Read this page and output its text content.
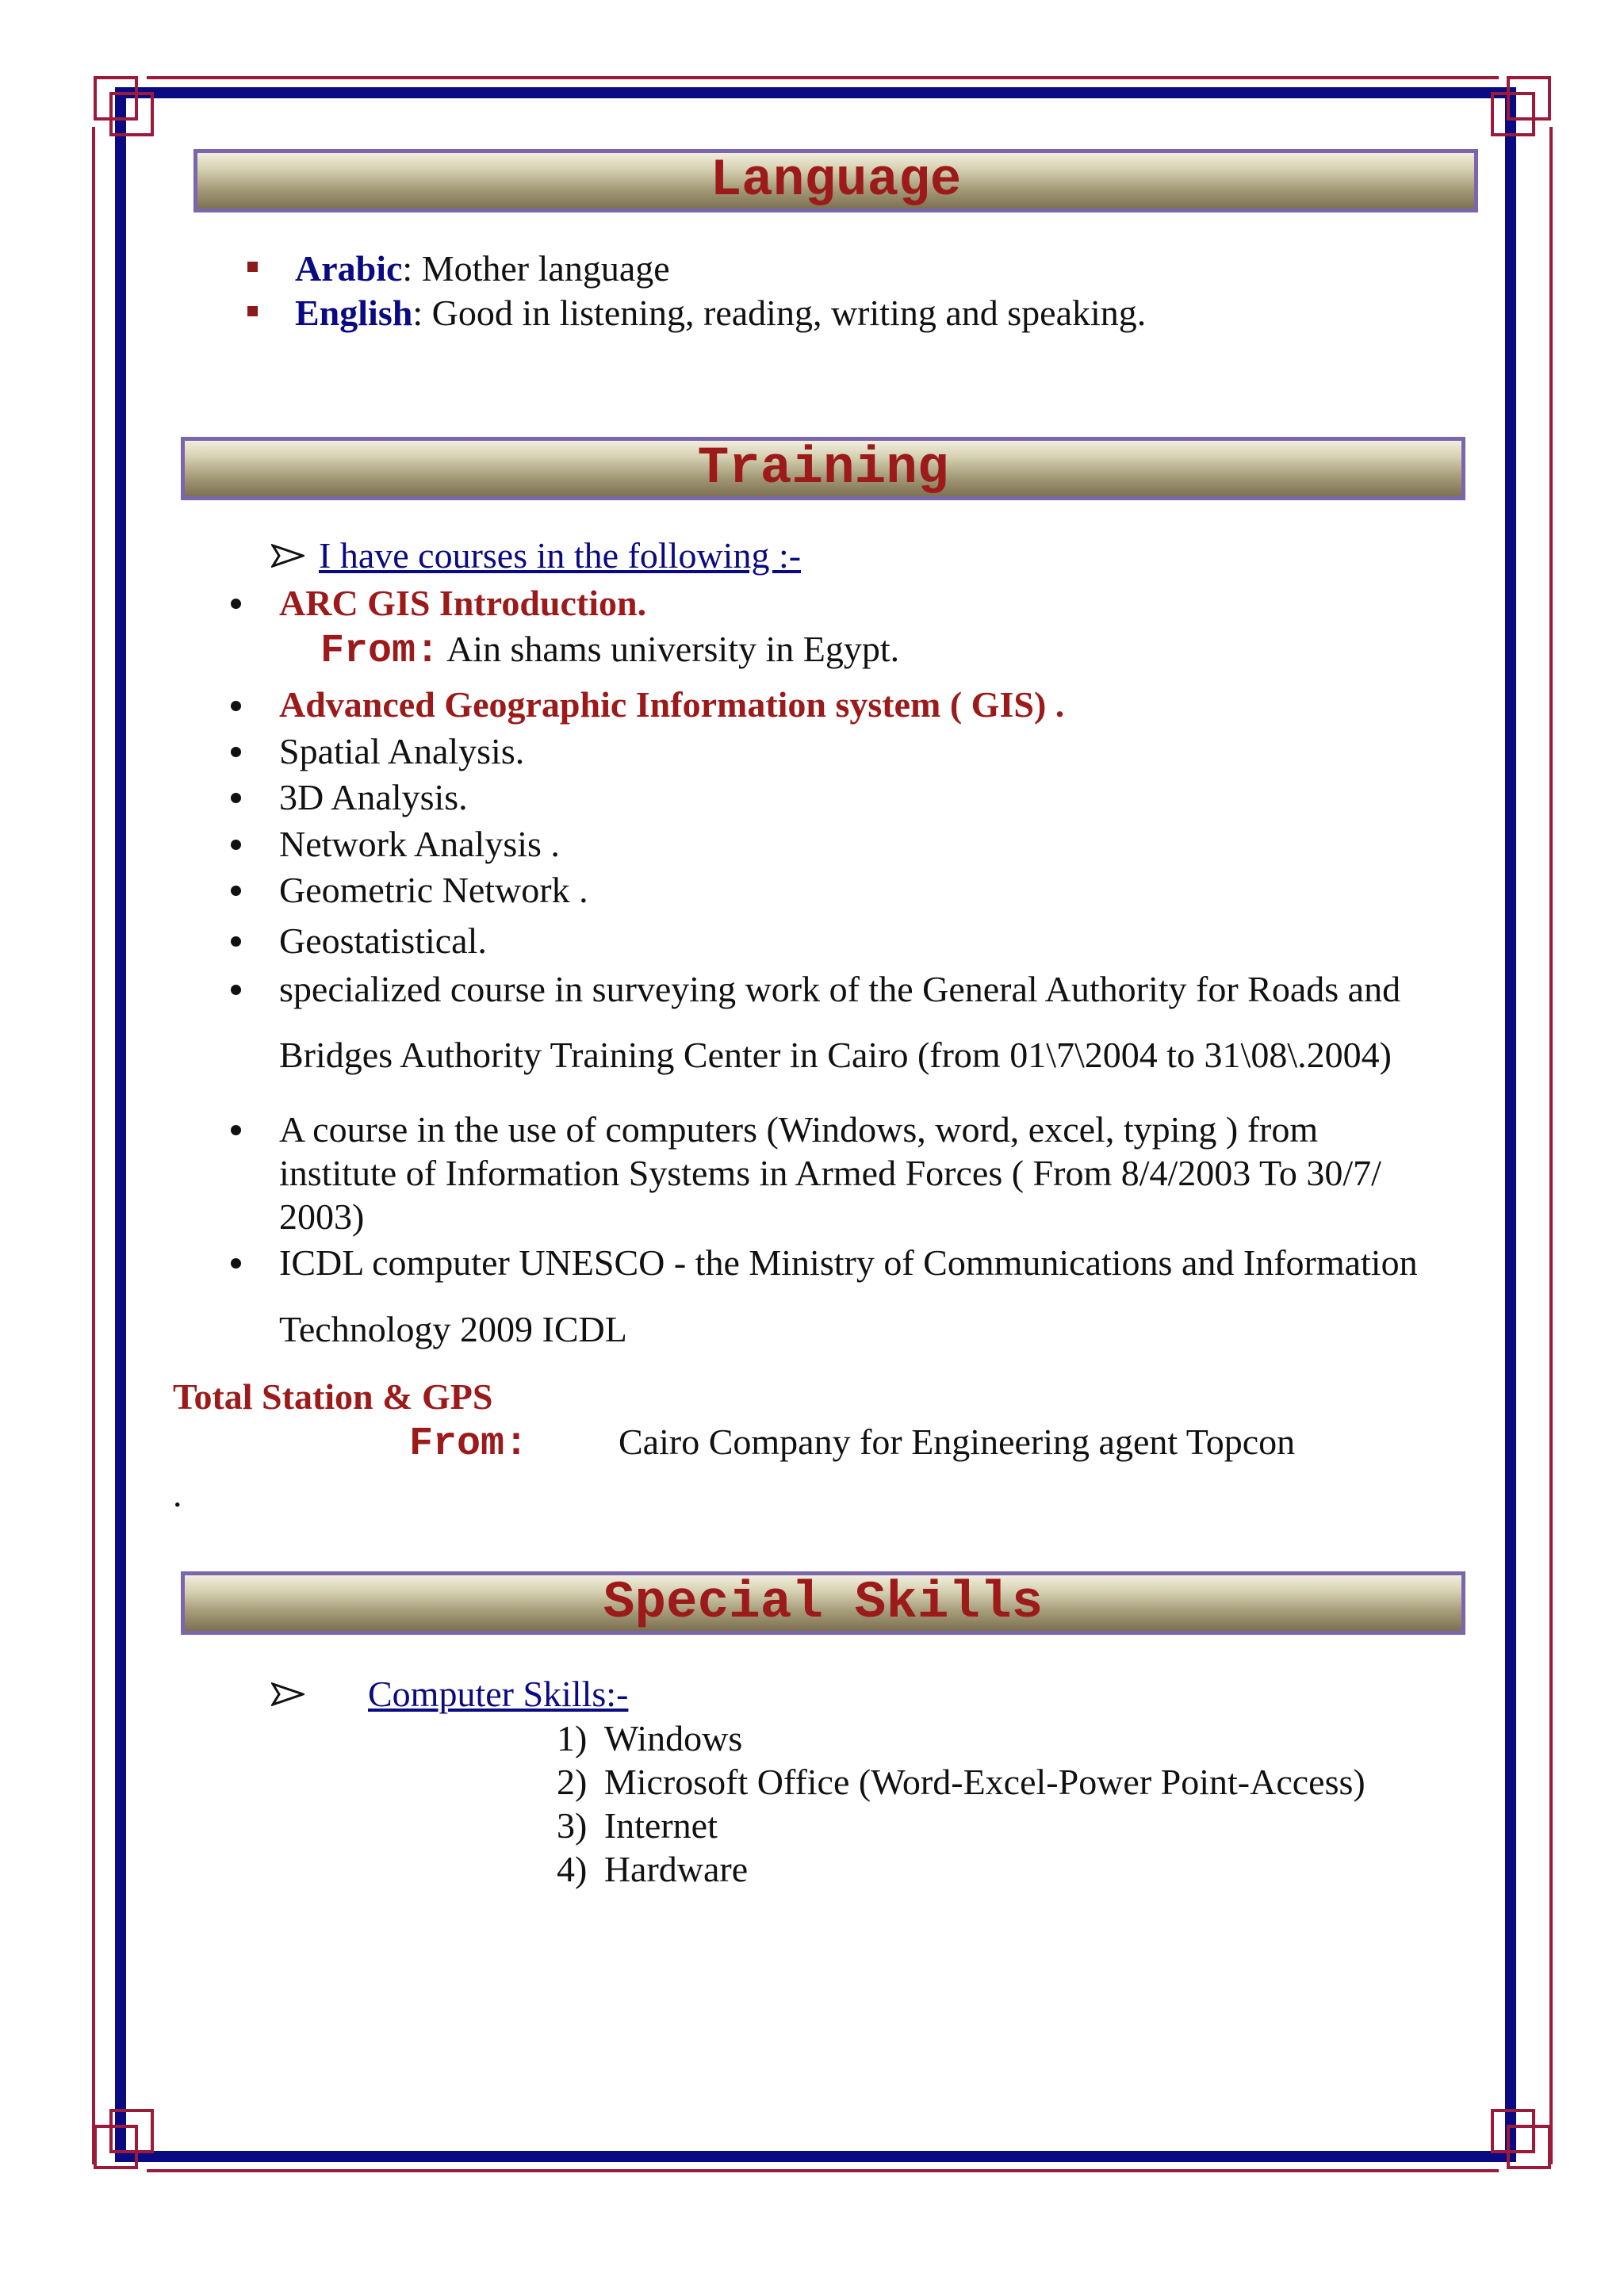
Language
Arabic: Mother language
English: Good in listening, reading, writing and speaking.
Training
I have courses in the following :-
ARC GIS Introduction.
From: Ain shams university in Egypt.
Advanced Geographic Information system ( GIS) .
Spatial Analysis.
3D Analysis.
Network Analysis .
Geometric Network .
Geostatistical.
specialized course in surveying work of the General Authority for Roads and
Bridges Authority Training Center in Cairo (from 01\7\2004 to 31\08\.2004)
A course in the use of computers (Windows, word, excel, typing ) from
institute of Information Systems in Armed Forces ( From 8/4/2003 To 30/7/
2003)
ICDL computer UNESCO - the Ministry of Communications and Information
Technology 2009 ICDL
Total Station & GPS
From: Cairo Company for Engineering agent Topcon
.
Special Skills
Computer Skills:-
1) Windows
2) Microsoft Office (Word-Excel-Power Point-Access)
3) Internet
4) Hardware
